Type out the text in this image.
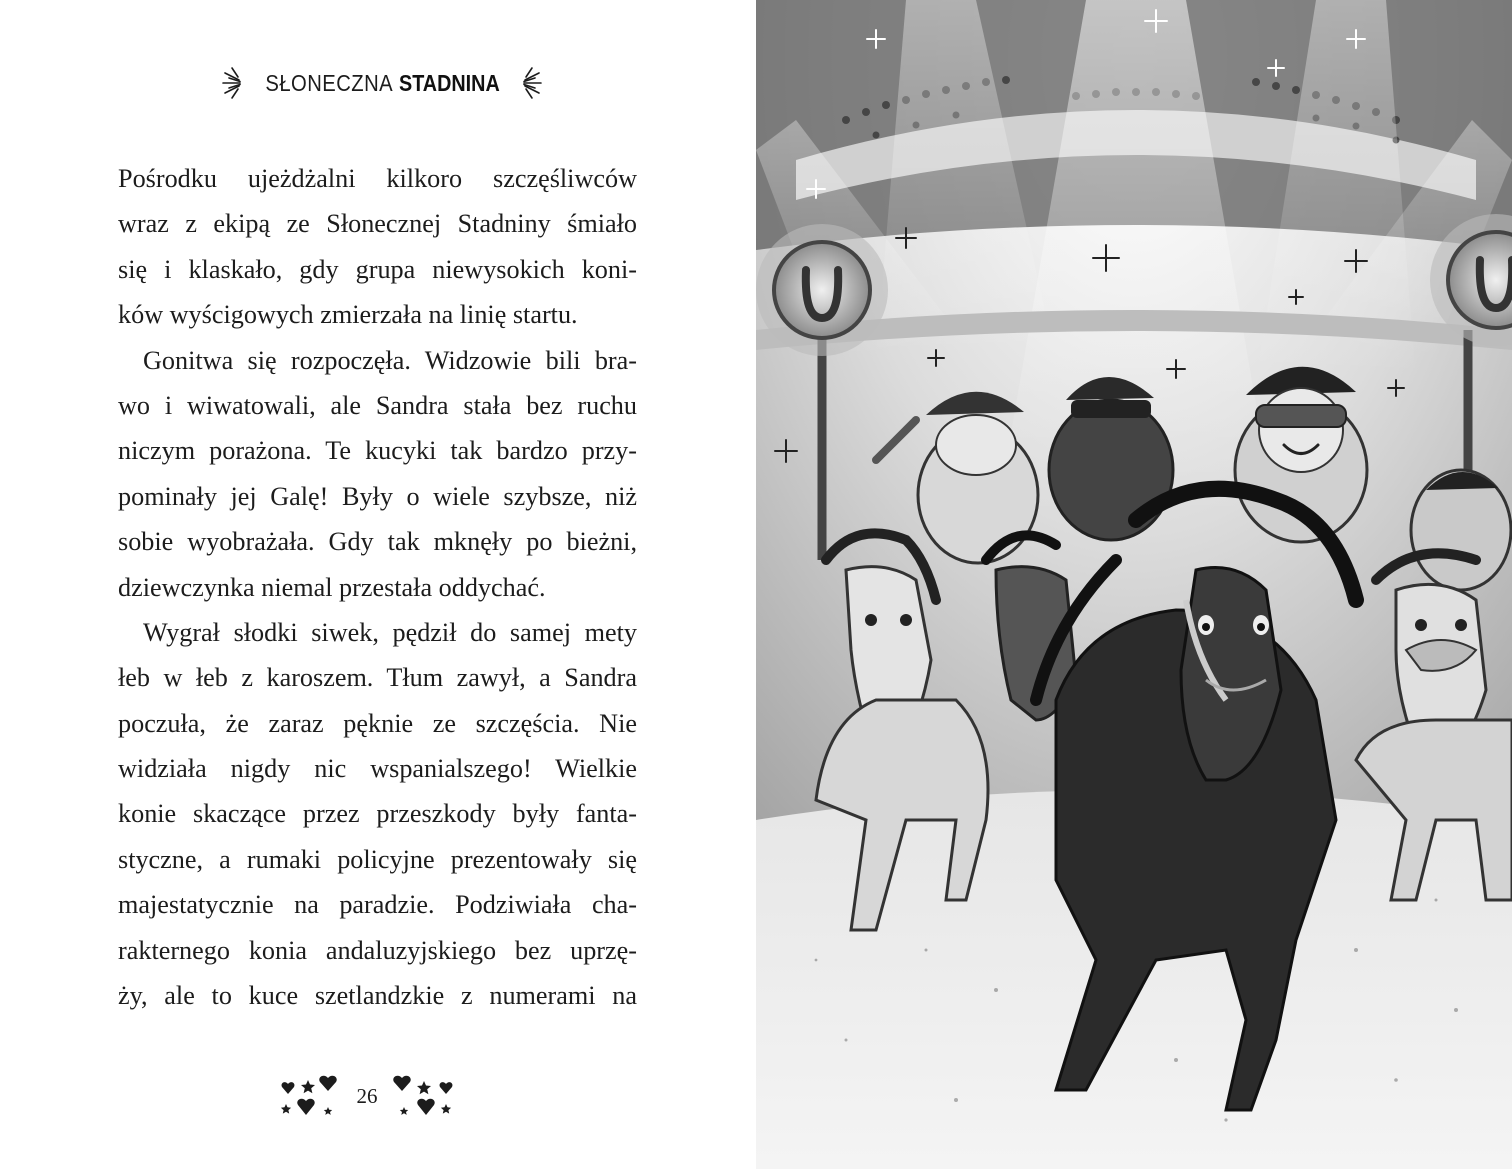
SŁONECZNA STADNINA
Pośrodku ujeżdżalni kilkoro szczęśliwców
wraz z ekipą ze Słonecznej Stadniny śmiało
się i klaskało, gdy grupa niewysokich koni-
ków wyścigowych zmierzała na linię startu.
Gonitwa się rozpoczęła. Widzowie bili bra-
wo i wiwatowali, ale Sandra stała bez ruchu
niczym porażona. Te kucyki tak bardzo przy-
pominały jej Galę! Były o wiele szybsze, niż
sobie wyobrażała. Gdy tak mknęły po bieżni,
dziewczynka niemal przestała oddychać.
Wygrał słodki siwek, pędził do samej mety
łeb w łeb z karoszem. Tłum zawył, a Sandra
poczuła, że zaraz pęknie ze szczęścia. Nie
widziała nigdy nic wspanialszego! Wielkie
konie skaczące przez przeszkody były fanta-
styczne, a rumaki policyjne prezentowały się
majestatycznie na paradzie. Podziwiała cha-
rakternego konia andaluzyjskiego bez uprzę-
ży, ale to kuce szetlandzkie z numerami na
26
